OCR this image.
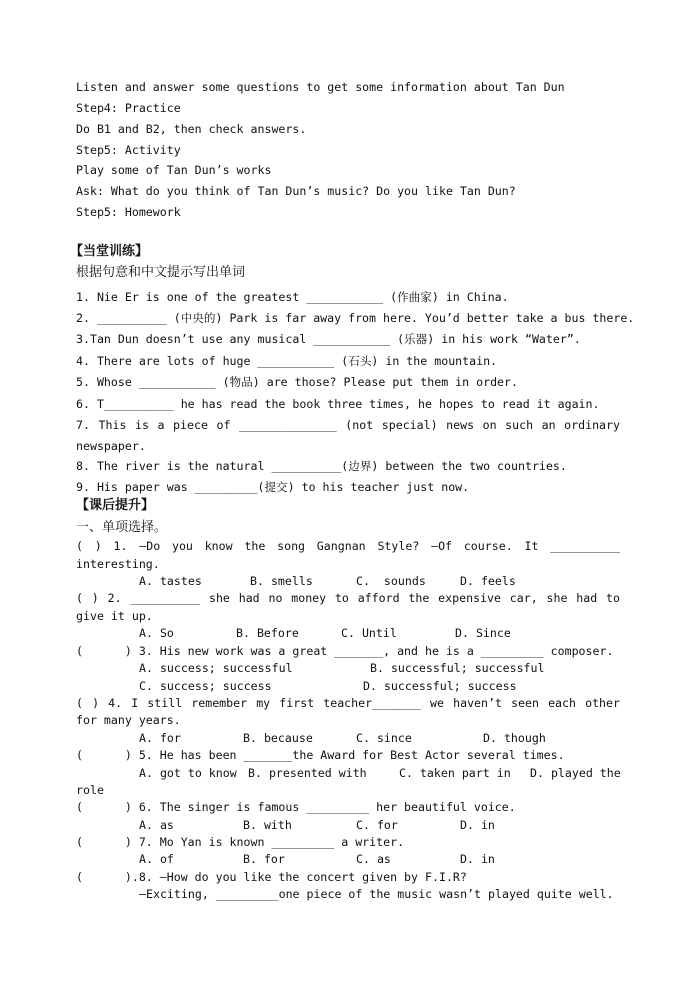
Listen and answer some questions to get some information about Tan Dun
Step4: Practice
Do B1 and B2, then check answers.
Step5: Activity
Play some of Tan Dun’s works
Ask: What do you think of Tan Dun’s music? Do you like Tan Dun?
Step5: Homework
【当堂训练】
根据句意和中文提示写出单词
1. Nie Er is one of the greatest ___________ (作曲家) in China.
2. __________ (中央的) Park is far away from here. You’d better take a bus there.
3.Tan Dun doesn’t use any musical ___________ (乐器) in his work “Water”.
4. There are lots of huge ___________ (石头) in the mountain.
5. Whose ___________ (物品) are those? Please put them in order.
6. T__________ he has read the book three times, he hopes to read it again.
7. This is a piece of ______________ (not special) news on such an ordinary
newspaper.
8. The river is the natural __________(边界) between the two countries.
9. His paper was _________(提交) to his teacher just now.
【课后提升】
一、单项选择。
( ) 1. —Do you know the song Gangnan Style? —Of course. It __________
interesting.
A. tastes	B. smells	C.  sounds	D. feels
( ) 2. __________ she had no money to afford the expensive car, she had to
give it up.
A. So	B. Before	C. Until	D. Since
(      ) 3. His new work was a great _______, and he is a _________ composer.
A. success; successful	B. successful; successful
C. success; success	D. successful; success
( ) 4. I still remember my first teacher_______ we haven’t seen each other
for many years.
A. for	B. because	C. since	D. though
(      ) 5. He has been _______the Award for Best Actor several times.
A. got to know B. presented with	C. taken part in D. played the
role
(      ) 6. The singer is famous _________ her beautiful voice.
A. as	B. with	C. for	D. in
(      ) 7. Mo Yan is known _________ a writer.
A. of	B. for	C. as	D. in
(      ).8. —How do you like the concert given by F.I.R?
—Exciting, _________one piece of the music wasn’t played quite well.
